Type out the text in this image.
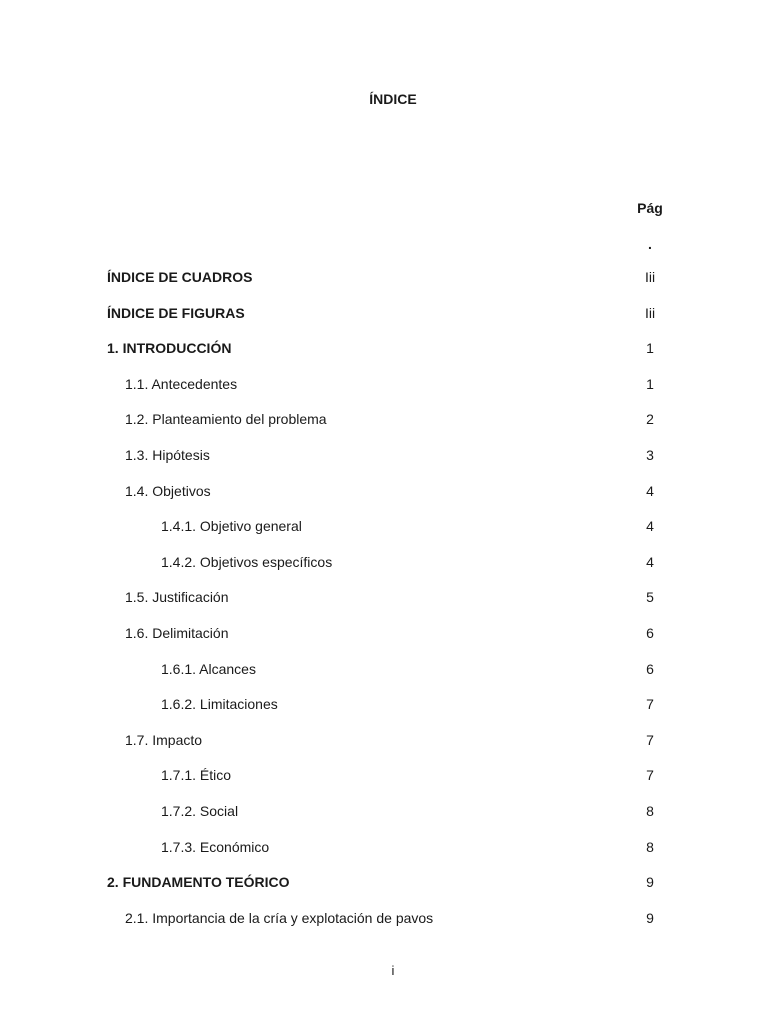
ÍNDICE
Pág
.
ÍNDICE DE CUADROS	Iii
ÍNDICE DE FIGURAS	Iii
1. INTRODUCCIÓN	1
1.1. Antecedentes	1
1.2. Planteamiento del problema	2
1.3. Hipótesis	3
1.4. Objetivos	4
1.4.1. Objetivo general	4
1.4.2. Objetivos específicos	4
1.5. Justificación	5
1.6. Delimitación	6
1.6.1. Alcances	6
1.6.2. Limitaciones	7
1.7. Impacto	7
1.7.1. Ético	7
1.7.2. Social	8
1.7.3. Económico	8
2. FUNDAMENTO TEÓRICO	9
2.1. Importancia de la cría y explotación de pavos	9
i
